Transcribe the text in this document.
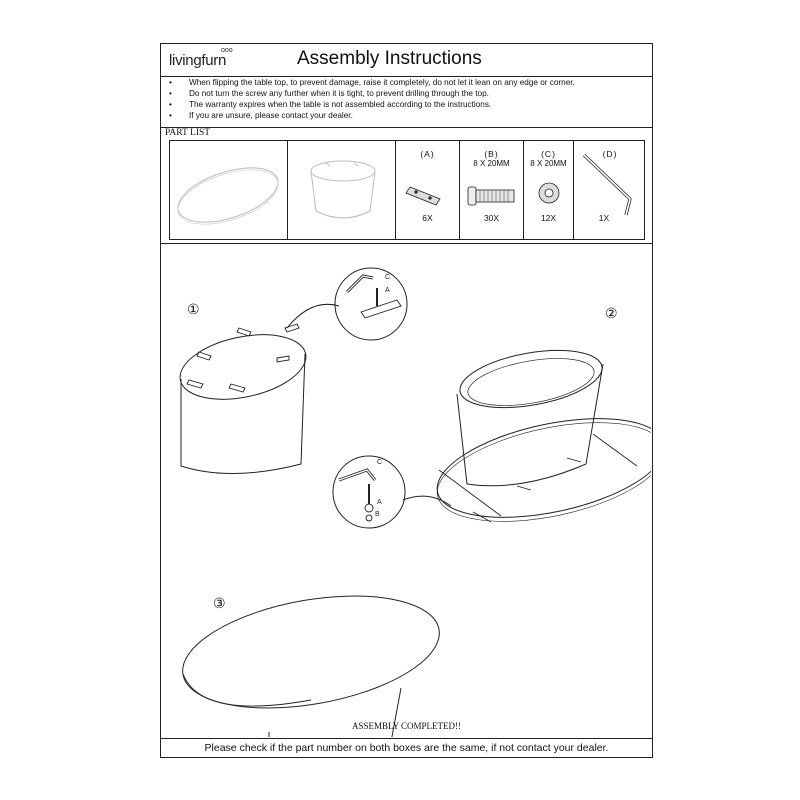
livingfurn
ooo	Assembly Instructions
• When flipping the table top, to prevent damage, raise it completely, do not let it lean on any edge or corner.
• Do not turn the screw any further when it is tight, to prevent drilling through the top.
• The warranty expires when the table is not assembled according to the instructions.
• If you are unsure, please contact your dealer.
PART LIST
(A)
6X
(B)
8 X 20MM
30X
(C)
8 X 20MM
12X
(D)
1X
C
A
C
A
B
①	②
③
ASSEMBLY COMPLETED!!
Please check if the part number on both boxes are the same, if not contact your dealer.
